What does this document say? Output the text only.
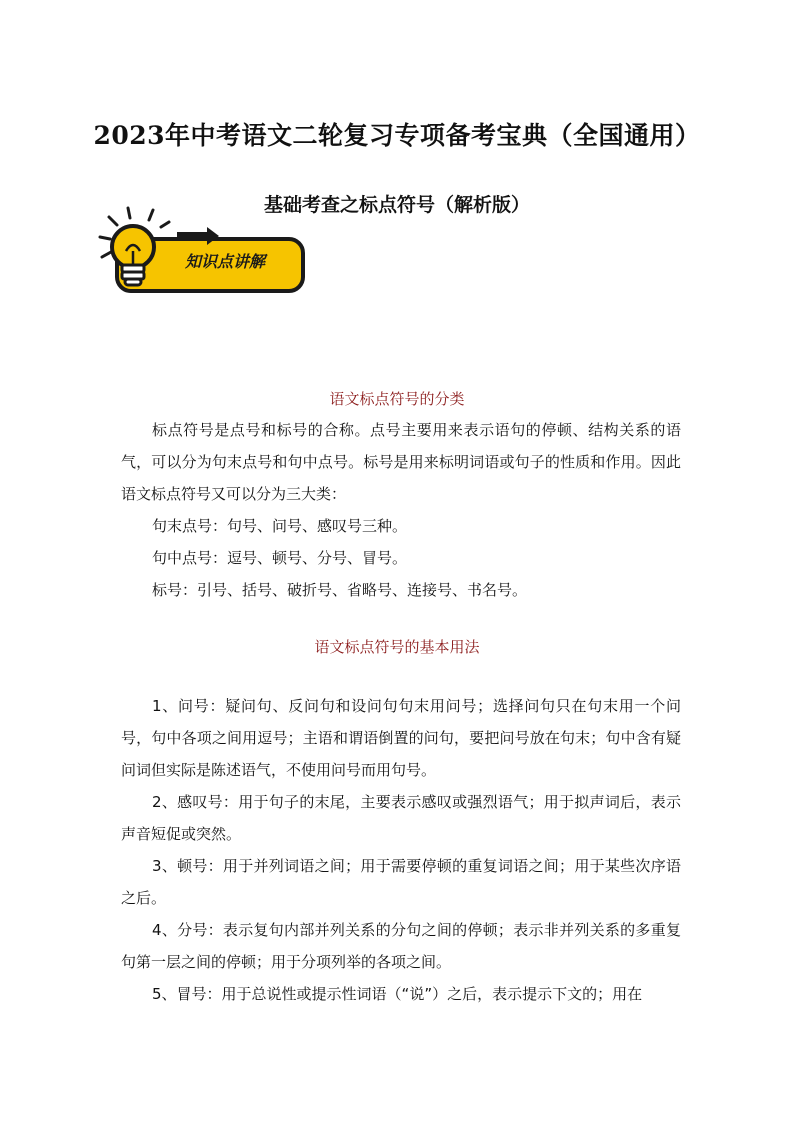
2023年中考语文二轮复习专项备考宝典（全国通用）
知识点讲解
基础考查之标点符号（解析版）
语文标点符号的分类

标点符号是点号和标号的合称。点号主要用来表示语句的停顿、结构关系的语气，可以分为句末点号和句中点号。标号是用来标明词语或句子的性质和作用。因此语文标点符号又可以分为三大类：

句末点号：句号、问号、感叹号三种。

句中点号：逗号、顿号、分号、冒号。

标号：引号、括号、破折号、省略号、连接号、书名号。

语文标点符号的基本用法

1、问号：疑问句、反问句和设问句句末用问号；选择问句只在句末用一个问号，句中各项之间用逗号；主语和谓语倒置的问句，要把问号放在句末；句中含有疑问词但实际是陈述语气，不使用问号而用句号。

2、感叹号：用于句子的末尾，主要表示感叹或强烈语气；用于拟声词后，表示声音短促或突然。

3、顿号：用于并列词语之间；用于需要停顿的重复词语之间；用于某些次序语之后。

4、分号：表示复句内部并列关系的分句之间的停顿；表示非并列关系的多重复句第一层之间的停顿；用于分项列举的各项之间。

5、冒号：用于总说性或提示性词语（“说”）之后，表示提示下文的；用在
